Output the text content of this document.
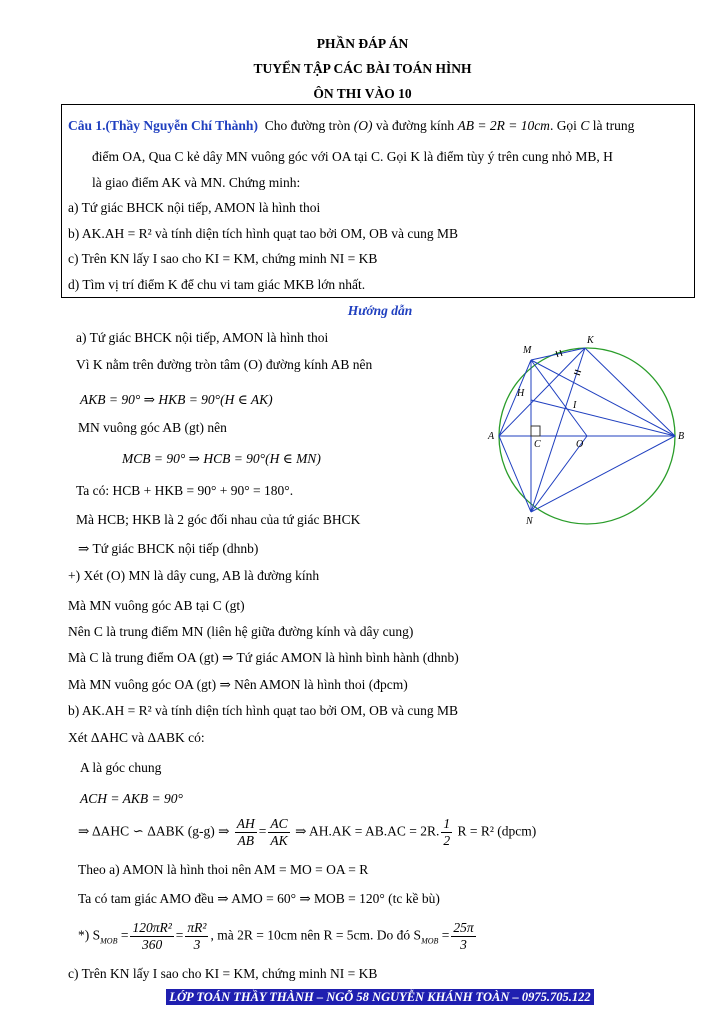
PHẦN ĐÁP ÁN
TUYỂN TẬP CÁC BÀI TOÁN HÌNH
ÔN THI VÀO 10
Câu 1.(Thầy Nguyễn Chí Thành) Cho đường tròn (O) và đường kính AB = 2R = 10cm. Gọi C là trung
điểm OA, Qua C kẻ dây MN vuông góc với OA tại C. Gọi K là điểm tùy ý trên cung nhỏ MB, H
là giao điểm AK và MN. Chứng minh:
a) Tứ giác BHCK nội tiếp, AMON là hình thoi
b) AK.AH = R² và tính diện tích hình quạt tao bởi OM, OB và cung MB
c) Trên KN lấy I sao cho KI = KM, chứng minh NI = KB
d) Tìm vị trí điểm K để chu vi tam giác MKB lớn nhất.
Hướng dẫn
a) Tứ giác BHCK nội tiếp, AMON là hình thoi
Vì K nằm trên đường tròn tâm (O) đường kính AB nên
AKB = 90° ⇒ HKB = 90°(H ∈ AK)
MN vuông góc AB (gt) nên
MCB = 90° ⇒ HCB = 90°(H ∈ MN)
Ta có: HCB + HKB = 90° + 90° = 180°.
Mà HCB; HKB là 2 góc đối nhau của tứ giác BHCK
⇒ Tứ giác BHCK nội tiếp (dhnb)
+) Xét (O) MN là dây cung, AB là đường kính
Mà MN vuông góc AB tại C (gt)
Nên C là trung điểm MN (liên hệ giữa đường kính và dây cung)
Mà C là trung điểm OA (gt) ⇒ Tứ giác AMON là hình bình hành (dhnb)
Mà MN vuông góc OA (gt) ⇒ Nên AMON là hình thoi (đpcm)
b) AK.AH = R² và tính diện tích hình quạt tao bởi OM, OB và cung MB
Xét ΔAHC và ΔABK có:
A là góc chung
ACH = AKB = 90°
⇒ ΔAHC ∽ ΔABK (g-g) ⇒ $\frac{AH}{AB} = \frac{AC}{AK}$ ⇒ AH.AK = AB.AC = 2R. $\frac{1}{2}$ R = R² (dpcm)
Theo a) AMON là hình thoi nên AM = MO = OA = R
Ta có tam giác AMO đều ⇒ AMO = 60° ⇒ MOB = 120° (tc kề bù)
*) $S_{MOB} = \frac{\text{120πR²}}{360} = \frac{\text{πR²}}{3}$ , mà 2R = 10cm nên R = 5cm. Do đó $S_{MOB} = \frac{25\pi}{3}$
c) Trên KN lấy I sao cho KI = KM, chứng minh NI = KB
M
K
H
I
A
C	O
B
N
LỚP TOÁN THẦY THÀNH – NGÕ 58 NGUYỄN KHÁNH TOÀN – 0975.705.122
